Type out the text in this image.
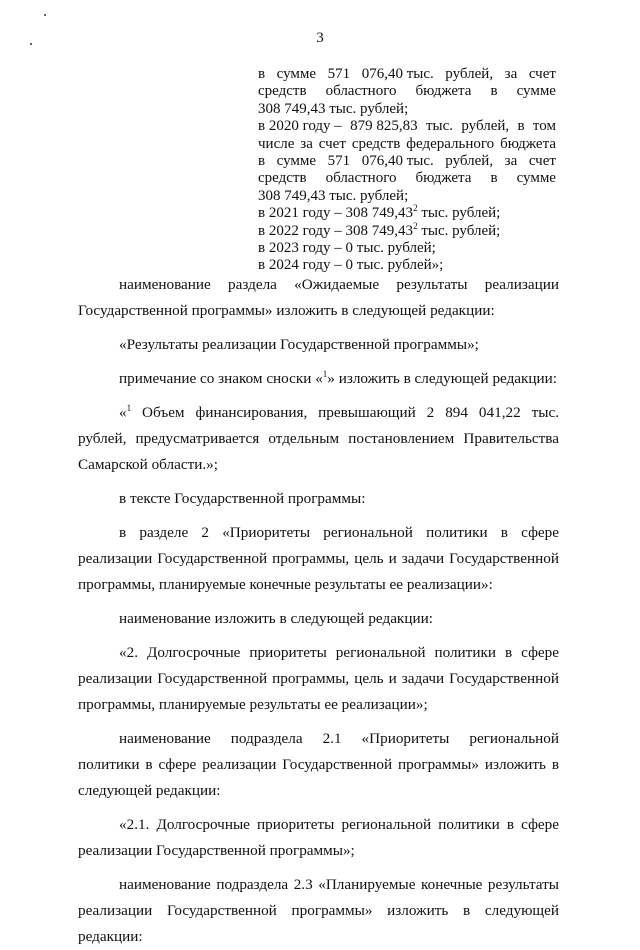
3
в сумме 571 076,40 тыс. рублей, за счет
средств областного бюджета в сумме
308 749,43 тыс. рублей;
в 2020 году – 879 825,83 тыс. рублей, в том
числе за счет средств федерального бюджета
в сумме 571 076,40 тыс. рублей, за счет
средств областного бюджета в сумме
308 749,43 тыс. рублей;
в 2021 году – 308 749,43$^2$ тыс. рублей;
в 2022 году – 308 749,43$^2$ тыс. рублей;
в 2023 году – 0 тыс. рублей;
в 2024 году – 0 тыс. рублей»;
наименование раздела «Ожидаемые результаты реализации

Государственной программы» изложить в следующей редакции:

«Результаты реализации Государственной программы»;

примечание со знаком сноски «$^1$» изложить в следующей редакции:

«$^1$ Объем финансирования, превышающий 2 894 041,22 тыс. рублей, предусматривается отдельным постановлением Правительства Самарской области.»;

в тексте Государственной программы:

в разделе 2 «Приоритеты региональной политики в сфере реализации Государственной программы, цель и задачи Государственной программы, планируемые конечные результаты ее реализации»:

наименование изложить в следующей редакции:

«2. Долгосрочные приоритеты региональной политики в сфере реализации Государственной программы, цель и задачи Государственной программы, планируемые результаты ее реализации»;

наименование подраздела 2.1 «Приоритеты региональной политики в сфере реализации Государственной программы» изложить в следующей редакции:

«2.1. Долгосрочные приоритеты региональной политики в сфере реализации Государственной программы»;

наименование подраздела 2.3 «Планируемые конечные результаты реализации Государственной программы» изложить в следующей редакции:
